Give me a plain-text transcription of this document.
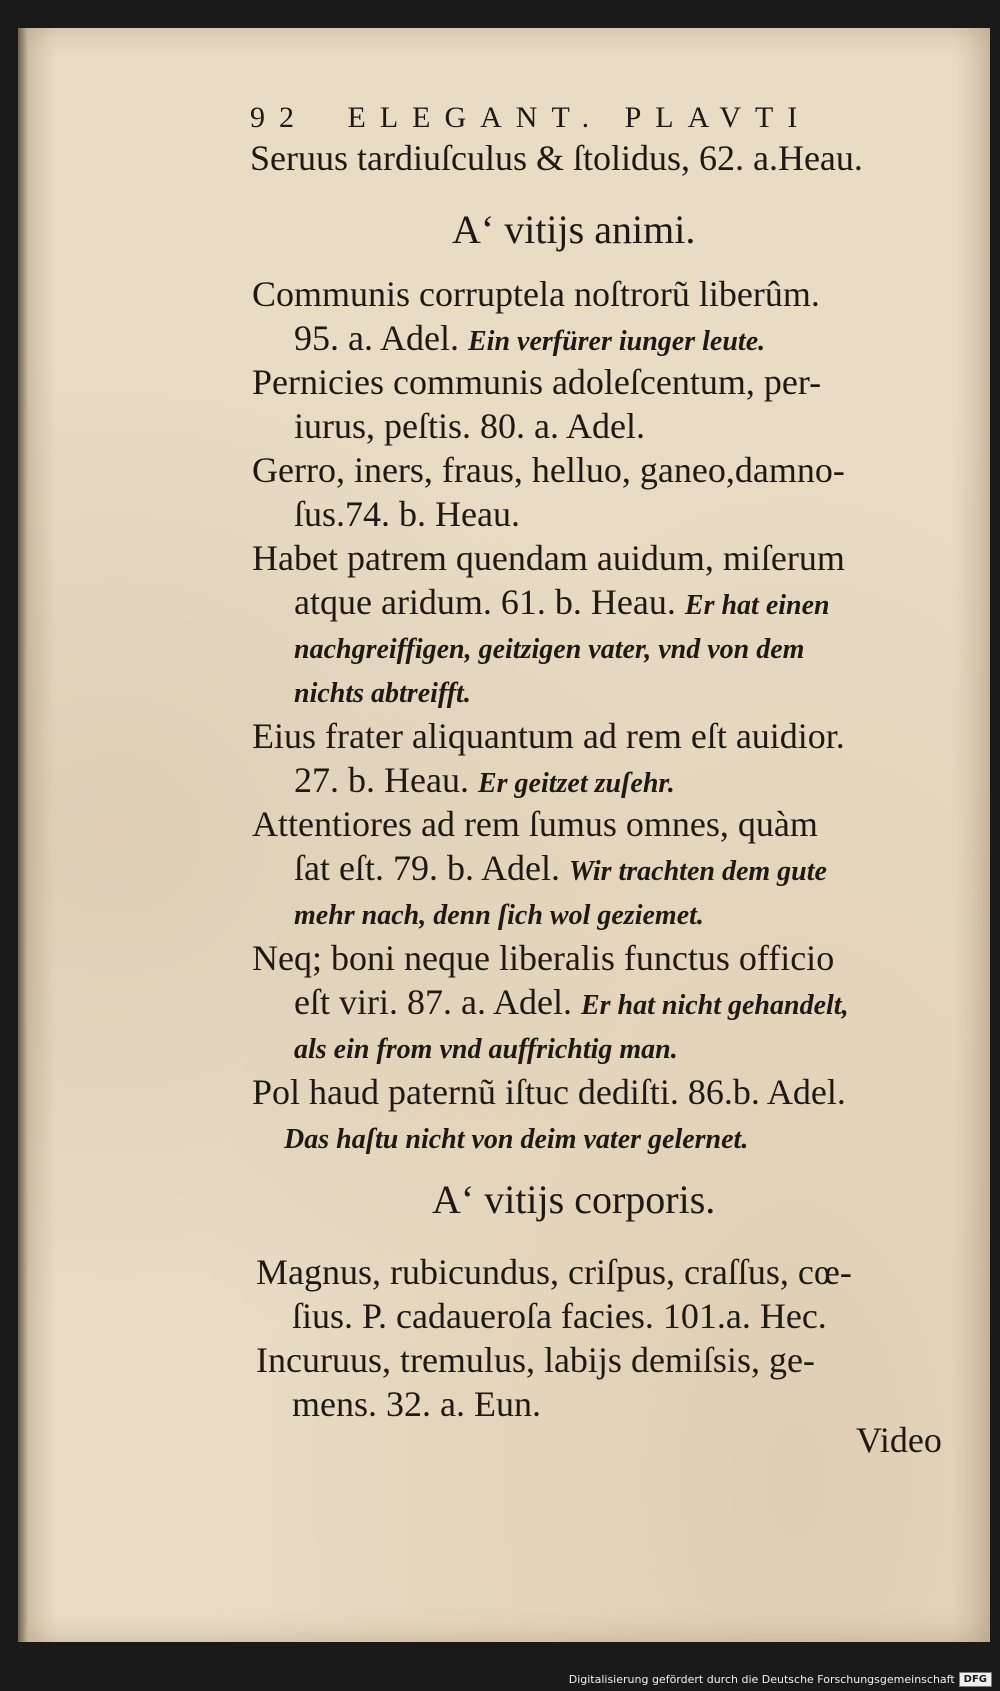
92 ELEGANT. PLAVTI
Seruus tardiuſculus & ſtolidus, 62. a.Heau.
A‘ vitijs animi.
Communis corruptela noſtrorũ liberûm.
95. a. Adel. Ein verfürer iunger leute.
Pernicies communis adoleſcentum, per-
iurus, peſtis. 80. a. Adel.
Gerro, iners, fraus, helluo, ganeo,damno-
ſus.74. b. Heau.
Habet patrem quendam auidum, miſerum
atque aridum. 61. b. Heau. Er hat einen
nachgreiffigen, geitzigen vater, vnd von dem
nichts abtreifft.
Eius frater aliquantum ad rem eſt auidior.
27. b. Heau. Er geitzet zuſehr.
Attentiores ad rem ſumus omnes, quàm
ſat eſt. 79. b. Adel. Wir trachten dem gute
mehr nach, denn ſich wol geziemet.
Neq; boni neque liberalis functus officio
eſt viri. 87. a. Adel. Er hat nicht gehandelt,
als ein from vnd auffrichtig man.
Pol haud paternũ iſtuc dediſti. 86.b. Adel.
Das haſtu nicht von deim vater gelernet.
A‘ vitijs corporis.
Magnus, rubicundus, criſpus, craſſus, cœ-
ſius. P. cadaueroſa facies. 101.a. Hec.
Incuruus, tremulus, labijs demiſsis, ge-
mens. 32. a. Eun.
Video
Digitalisierung gefördert durch die Deutsche Forschungsgemeinschaft DFG
